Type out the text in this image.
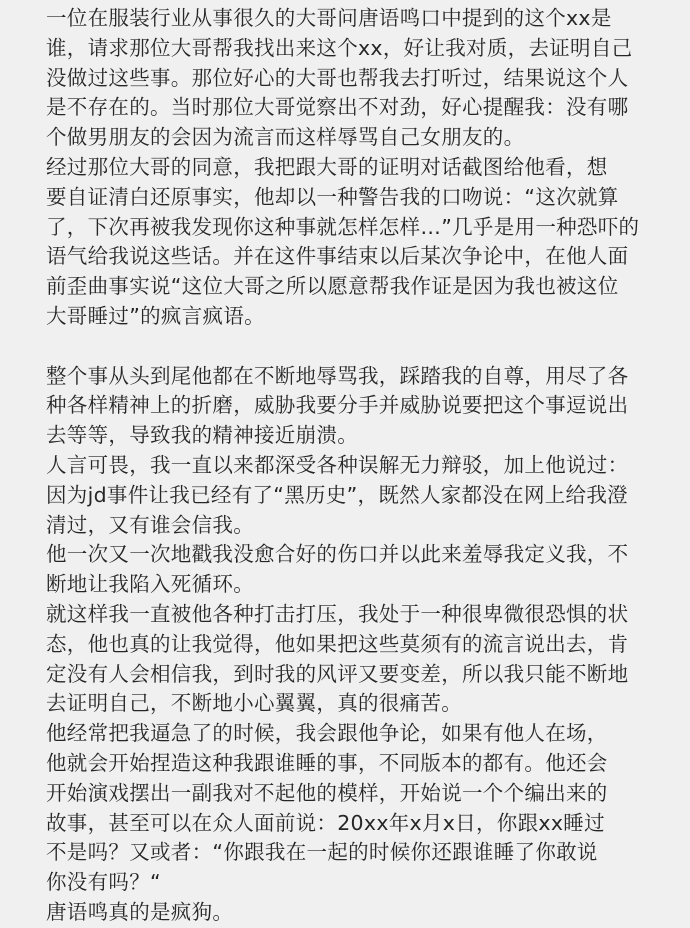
一位在服装行业从事很久的大哥问唐语鸣口中提到的这个xx是
谁，请求那位大哥帮我找出来这个xx，好让我对质，去证明自己
没做过这些事。那位好心的大哥也帮我去打听过，结果说这个人
是不存在的。当时那位大哥觉察出不对劲，好心提醒我：没有哪
个做男朋友的会因为流言而这样辱骂自己女朋友的。
经过那位大哥的同意，我把跟大哥的证明对话截图给他看，想
要自证清白还原事实，他却以一种警告我的口吻说：“这次就算
了，下次再被我发现你这种事就怎样怎样…”几乎是用一种恐吓的
语气给我说这些话。并在这件事结束以后某次争论中，在他人面
前歪曲事实说“这位大哥之所以愿意帮我作证是因为我也被这位
大哥睡过”的疯言疯语。
整个事从头到尾他都在不断地辱骂我，踩踏我的自尊，用尽了各
种各样精神上的折磨，威胁我要分手并威胁说要把这个事逗说出
去等等，导致我的精神接近崩溃。
人言可畏，我一直以来都深受各种误解无力辩驳，加上他说过：
因为jd事件让我已经有了“黑历史”，既然人家都没在网上给我澄
清过，又有谁会信我。
他一次又一次地戳我没愈合好的伤口并以此来羞辱我定义我，不
断地让我陷入死循环。
就这样我一直被他各种打击打压，我处于一种很卑微很恐惧的状
态，他也真的让我觉得，他如果把这些莫须有的流言说出去，肯
定没有人会相信我，到时我的风评又要变差，所以我只能不断地
去证明自己，不断地小心翼翼，真的很痛苦。
他经常把我逼急了的时候，我会跟他争论，如果有他人在场，
他就会开始捏造这种我跟谁睡的事，不同版本的都有。他还会
开始演戏摆出一副我对不起他的模样，开始说一个个编出来的
故事，甚至可以在众人面前说：20xx年x月x日，你跟xx睡过
不是吗？又或者：“你跟我在一起的时候你还跟谁睡了你敢说
你没有吗？“
唐语鸣真的是疯狗。
